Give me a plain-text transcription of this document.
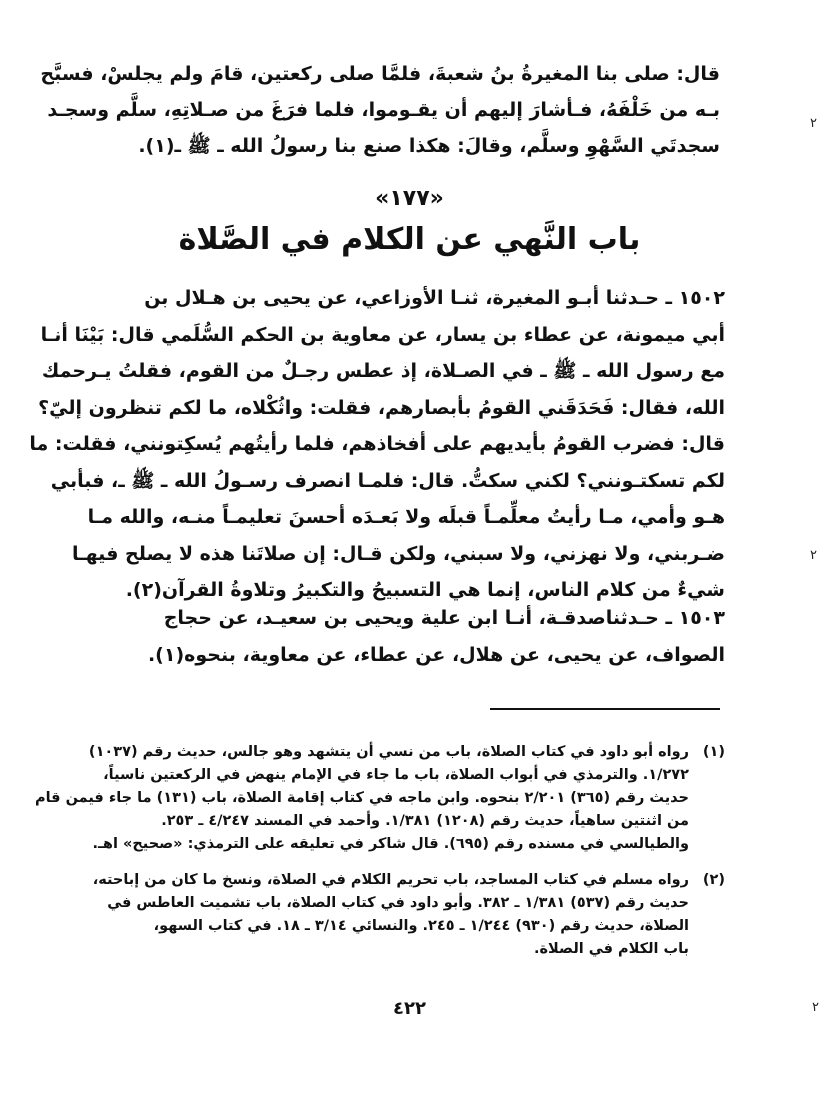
قال: صلى بنا المغيرةُ بنُ شعبةَ، فلمَّا صلى ركعتين، قامَ ولم يجلسْ، فسبَّح
بـه من خَلْفَهُ، فـأشارَ إليهم أن يقـوموا، فلما فرَغَ من صـلاتِهِ، سلَّم وسجـد
سجدتَي السَّهْوِ وسلَّم، وقالَ: هكذا صنع بنا رسولُ الله ـ ﷺ ـ(١).
«١٧٧»
باب النَّهي عن الكلام في الصَّلاة
١٥٠٢ ـ حـدثنا أبـو المغيرة، ثنـا الأوزاعي، عن يحيى بن هـلال بن
أبي ميمونة، عن عطاء بن يسار، عن معاوية بن الحكم السُّلَمي قال: بَيْنَا أنـا
مع رسول الله ـ ﷺ ـ في الصـلاة، إذ عطس رجـلٌ من القوم، فقلتُ يـرحمك
الله، فقال: فَحَدَقَني القومُ بأبصارهم، فقلت: واثُكْلاه، ما لكم تنظرون إليّ؟
قال: فضرب القومُ بأيديهم على أفخاذهم، فلما رأيتُهم يُسكِتونني، فقلت: ما
لكم تسكتـونني؟ لكني سكتُّ. قال: فلمـا انصرف رسـولُ الله ـ ﷺ ـ، فبأبي
هـو وأمي، مـا رأيتُ معلِّمـاً قبلَه ولا بَعـدَه أحسنَ تعليمـاً منـه، والله مـا
ضـربني، ولا نهزني، ولا سبني، ولكن قـال: إن صلاتَنا هذه لا يصلح فيهـا
شيءٌ من كلام الناس، إنما هي التسبيحُ والتكبيرُ وتلاوةُ القرآن(٢).
١٥٠٣ ـ حـدثناصدقـة، أنـا ابن علية ويحيى بن سعيـد، عن حجاج
الصواف، عن يحيى، عن هلال، عن عطاء، عن معاوية، بنحوه(١).
(١)
رواه أبو داود في كتاب الصلاة، باب من نسي أن يتشهد وهو جالس، حديث رقم (١٠٣٧)
١/٢٧٢. والترمذي في أبواب الصلاة، باب ما جاء في الإمام ينهض في الركعتين ناسياً،
حديث رقم (٣٦٥) ٢/٢٠١ بنحوه. وابن ماجه في كتاب إقامة الصلاة، باب (١٣١) ما جاء فيمن قام
من اثنتين ساهياً، حديث رقم (١٢٠٨) ١/٣٨١. وأحمد في المسند ٤/٢٤٧ ـ ٢٥٣.
والطيالسي في مسنده رقم (٦٩٥). قال شاكر في تعليقه على الترمذي: «صحيح» اهـ.
(٢)
رواه مسلم في كتاب المساجد، باب تحريم الكلام في الصلاة، ونسخ ما كان من إباحته،
حديث رقم (٥٣٧) ١/٣٨١ ـ ٣٨٢. وأبو داود في كتاب الصلاة، باب تشميت العاطس في
الصلاة، حديث رقم (٩٣٠) ١/٢٤٤ ـ ٢٤٥. والنسائي ٣/١٤ ـ ١٨. في كتاب السهو،
باب الكلام في الصلاة.
٤٢٢
٢
٢
٢
